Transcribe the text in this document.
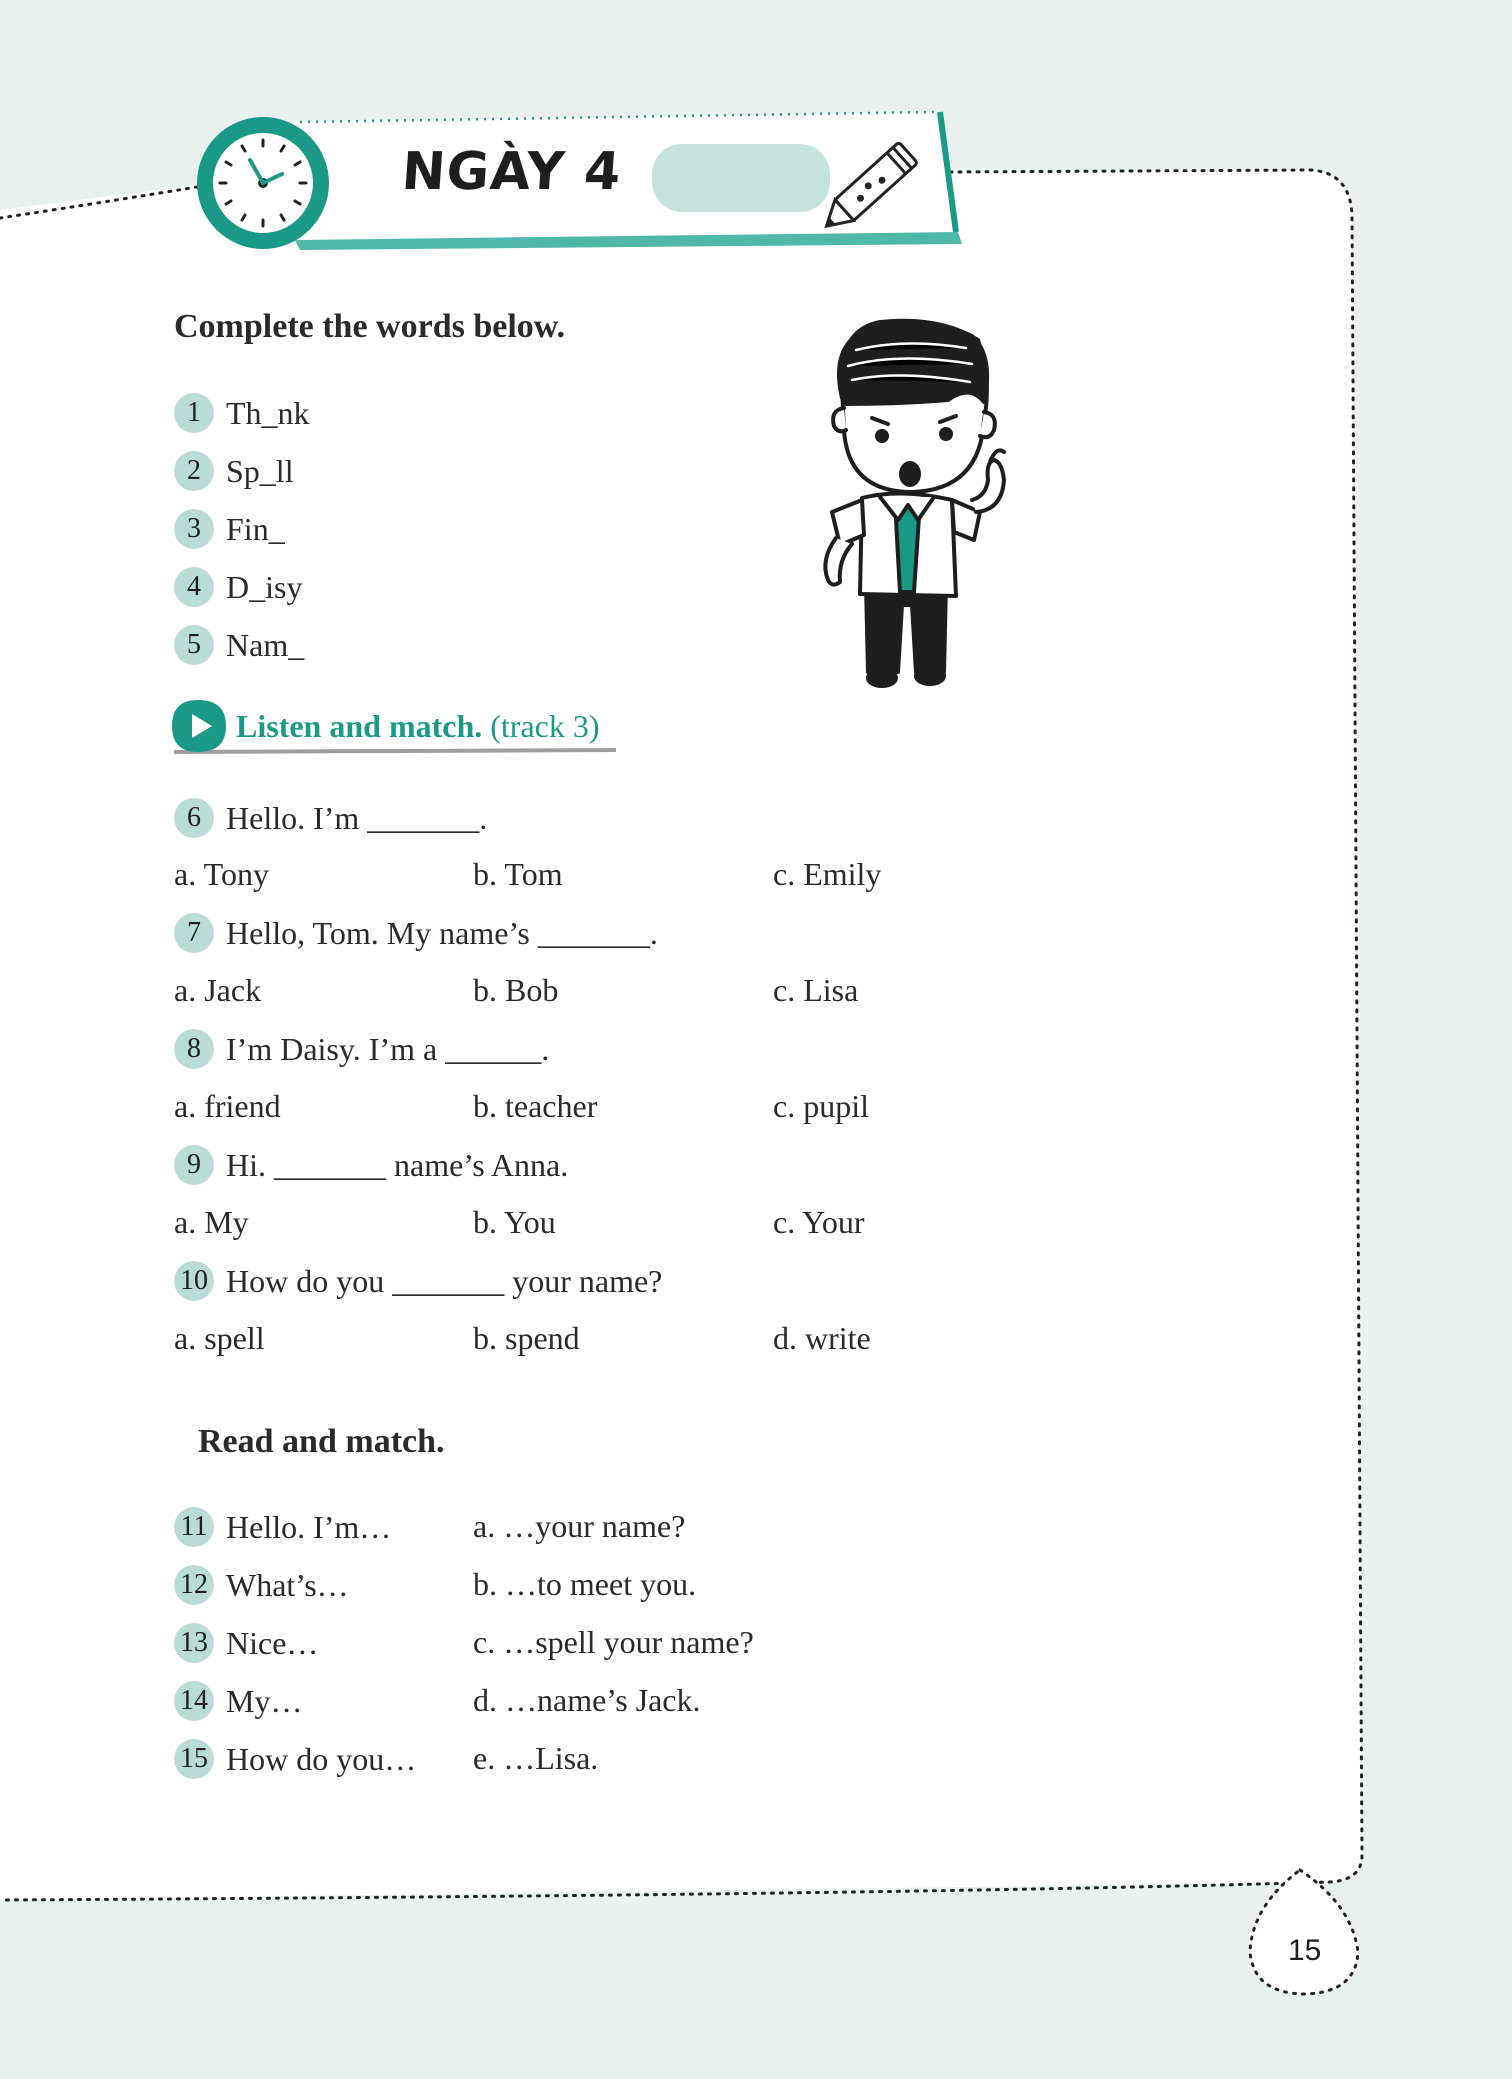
NGÀY 4
Complete the words below.
1 Th_nk
2 Sp_ll
3 Fin_
4 D_isy
5 Nam_
Listen and match. (track 3)
6 Hello. I’m _______.
a. Tony	b. Tom	c. Emily
7 Hello, Tom. My name’s _______.
a. Jack	b. Bob	c. Lisa
8 I’m Daisy. I’m a ______.
a. friend	b. teacher	c. pupil
9 Hi. _______ name’s Anna.
a. My	b. You	c. Your
10 How do you _______ your name?
a. spell	b. spend	d. write
Read and match.
11 Hello. I’m…	a. …your name?
12 What’s…	b. …to meet you.
13 Nice…	c. …spell your name?
14 My…	d. …name’s Jack.
15 How do you… e. …Lisa.
15
